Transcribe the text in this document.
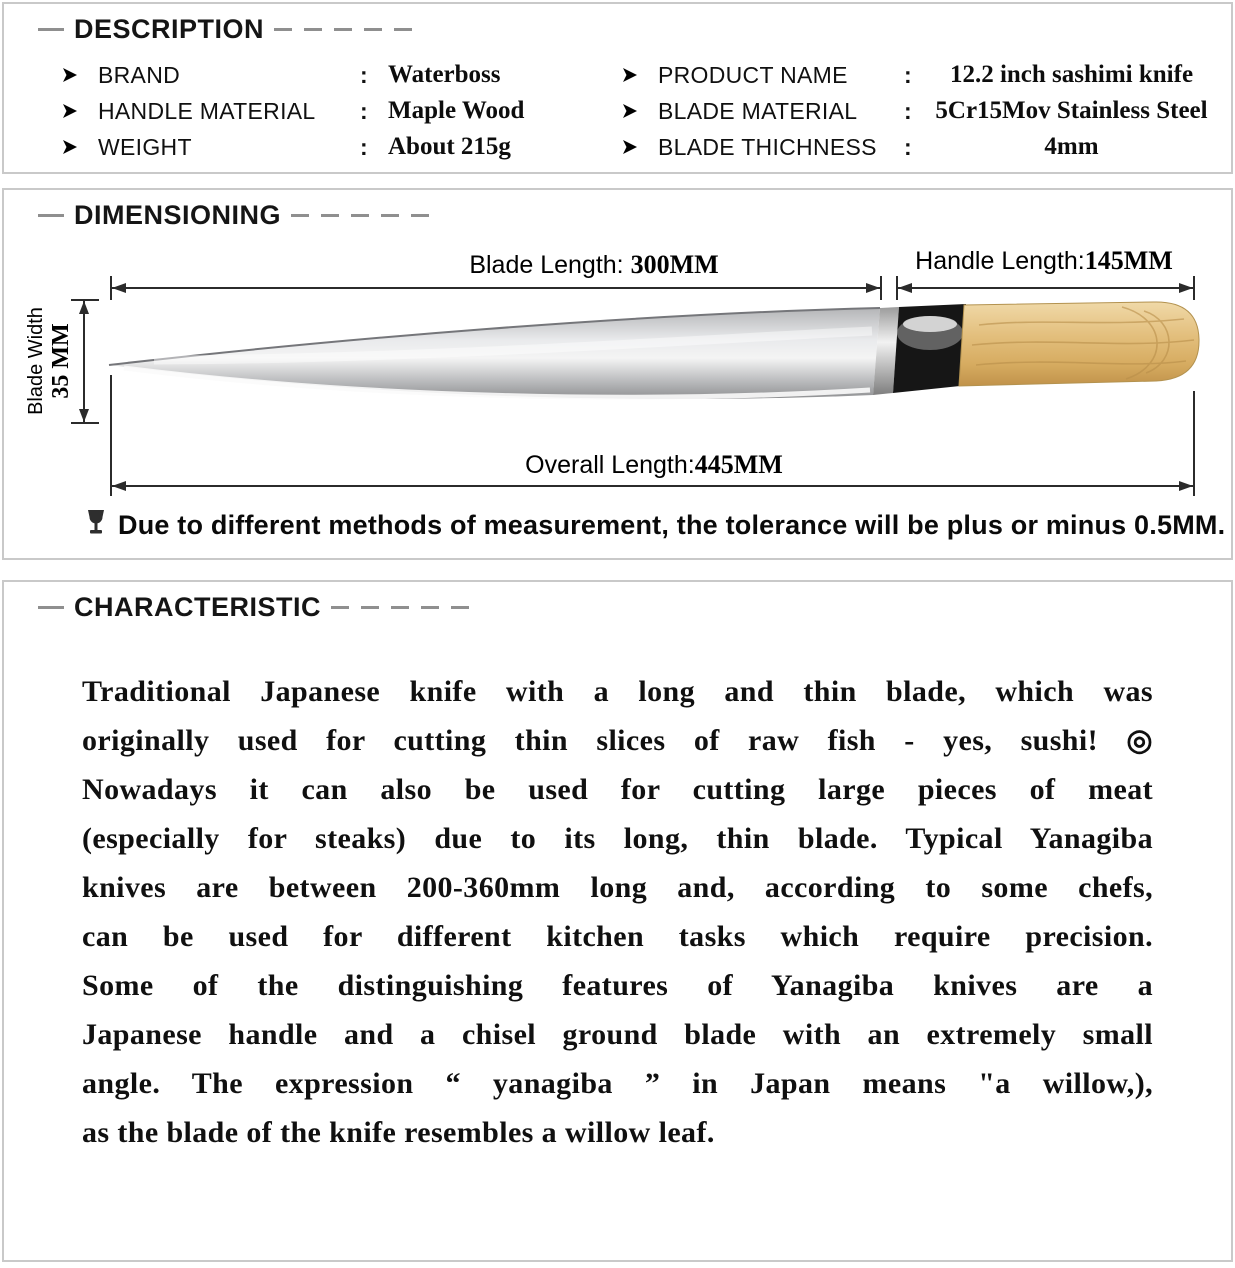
DESCRIPTION
BRAND	: Waterboss
HANDLE MATERIAL	: Maple Wood
WEIGHT	: About 215g
PRODUCT NAME	:	12.2 inch sashimi knife
BLADE MATERIAL	: 5Cr15Mov Stainless Steel
BLADE THICHNESS	:	4mm
DIMENSIONING
Blade Length: 300MM	Handle Length:145MM
Blade Width 35 MM
Overall Length:445MM
Due to different methods of measurement, the tolerance will be plus or minus 0.5MM.
CHARACTERISTIC
Traditional Japanese knife with a long and thin blade, which was
originally used for cutting thin slices of raw fish - yes, sushi! ◎
Nowadays it can also be used for cutting large pieces of meat
(especially for steaks) due to its long, thin blade. Typical Yanagiba
knives are between 200-360mm long and, according to some chefs,
can be used for different kitchen tasks which require precision.
Some of the distinguishing features of Yanagiba knives are a
Japanese handle and a chisel ground blade with an extremely small
angle. The expression “ yanagiba ” in Japan means "a willow,),
as the blade of the knife resembles a willow leaf.
